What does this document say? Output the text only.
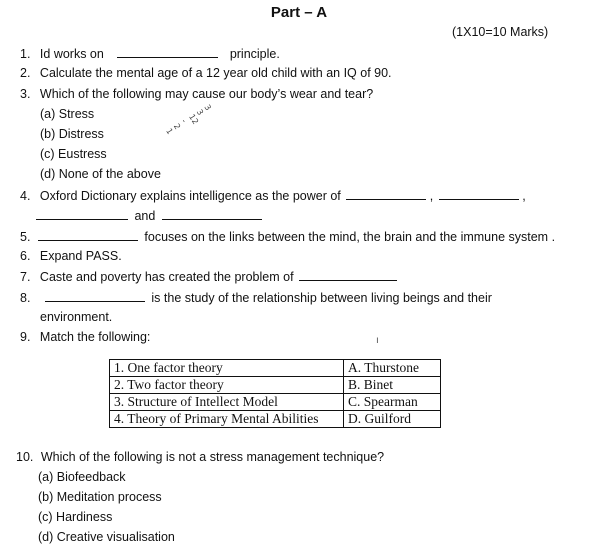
Part – A
(1X10=10 Marks)
1. Id works on	principle.
2. Calculate the mental age of a 12 year old child with an IQ of 90.
3. Which of the following may cause our body’s wear and tear?
(a) Stress
(b) Distress
(c) Eustress
(d) None of the above
3
3
12
-
2
1
4. Oxford Dictionary explains intelligence as the power of	,	,
and
5.	focuses on the links between the mind, the brain and the immune system .
6. Expand PASS.
7. Caste and poverty has created the problem of
8.	is the study of the relationship between living beings and their
environment.
9. Match the following:	ı
1. One factor theory	A. Thurstone
2. Two factor theory	B. Binet
3. Structure of Intellect Model	C. Spearman
4. Theory of Primary Mental Abilities	D. Guilford
10. Which of the following is not a stress management technique?
(a) Biofeedback
(b) Meditation process
(c) Hardiness
(d) Creative visualisation
